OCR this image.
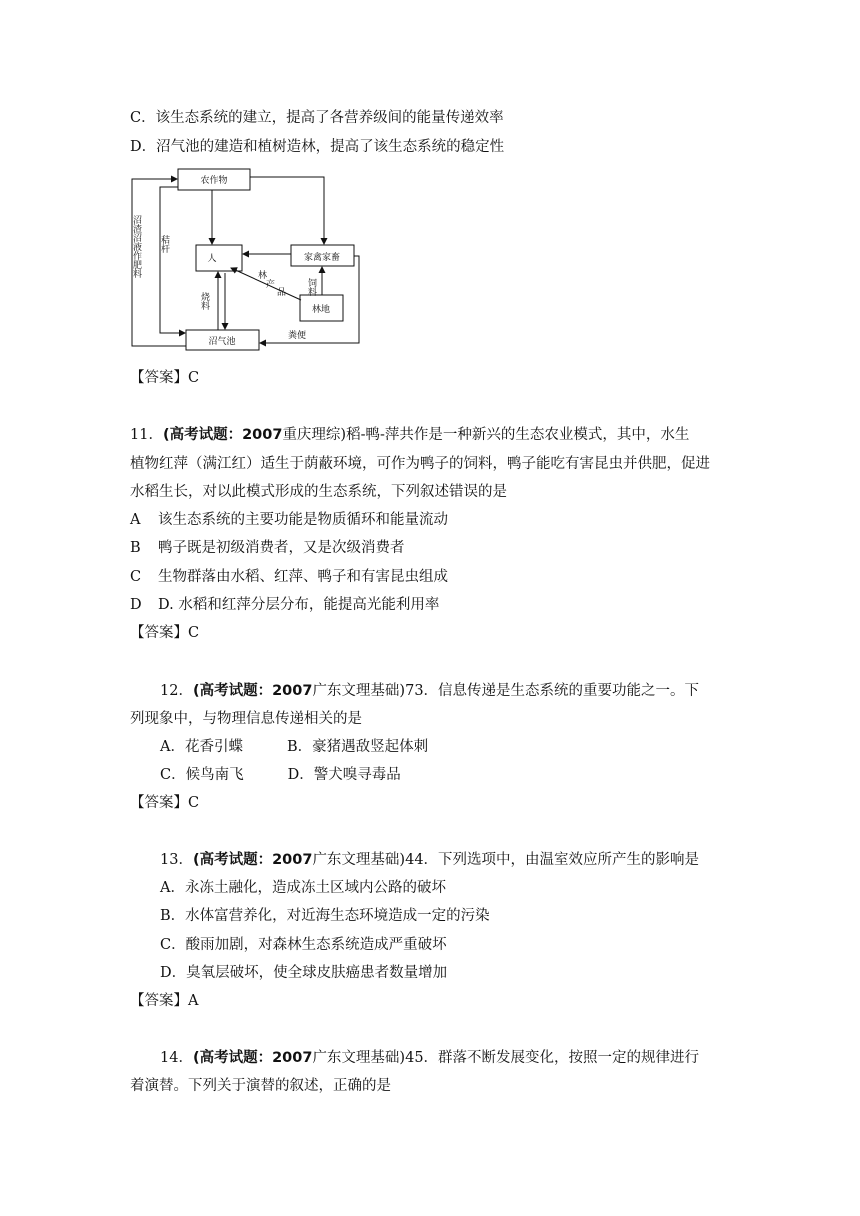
C．该生态系统的建立，提高了各营养级间的能量传递效率
D．沼气池的建造和植树造林，提高了该生态系统的稳定性
农作物
人	家禽家畜
林地
沼气池
秸杆
烧料
饲料
沼渣沼液作肥料	林
产
品
粪便
【答案】C
11．(高考试题：2007重庆理综)稻-鸭-萍共作是一种新兴的生态农业模式，其中，水生
植物红萍（满江红）适生于荫蔽环境，可作为鸭子的饲料，鸭子能吃有害昆虫并供肥，促进
水稻生长，对以此模式形成的生态系统，下列叙述错误的是
A 该生态系统的主要功能是物质循环和能量流动
B 鸭子既是初级消费者，又是次级消费者
C 生物群落由水稻、红萍、鸭子和有害昆虫组成
D D. 水稻和红萍分层分布，能提高光能利用率
【答案】C
12．(高考试题：2007广东文理基础)73．信息传递是生态系统的重要功能之一。下
列现象中，与物理信息传递相关的是
A．花香引蝶	B．豪猪遇敌竖起体刺
C．候鸟南飞	D．警犬嗅寻毒品
【答案】C
13．(高考试题：2007广东文理基础)44．下列选项中，由温室效应所产生的影响是
A．永冻土融化，造成冻土区域内公路的破坏
B．水体富营养化，对近海生态环境造成一定的污染
C．酸雨加剧，对森林生态系统造成严重破坏
D．臭氧层破坏，使全球皮肤癌患者数量增加
【答案】A
14．(高考试题：2007广东文理基础)45．群落不断发展变化，按照一定的规律进行
着演替。下列关于演替的叙述，正确的是
